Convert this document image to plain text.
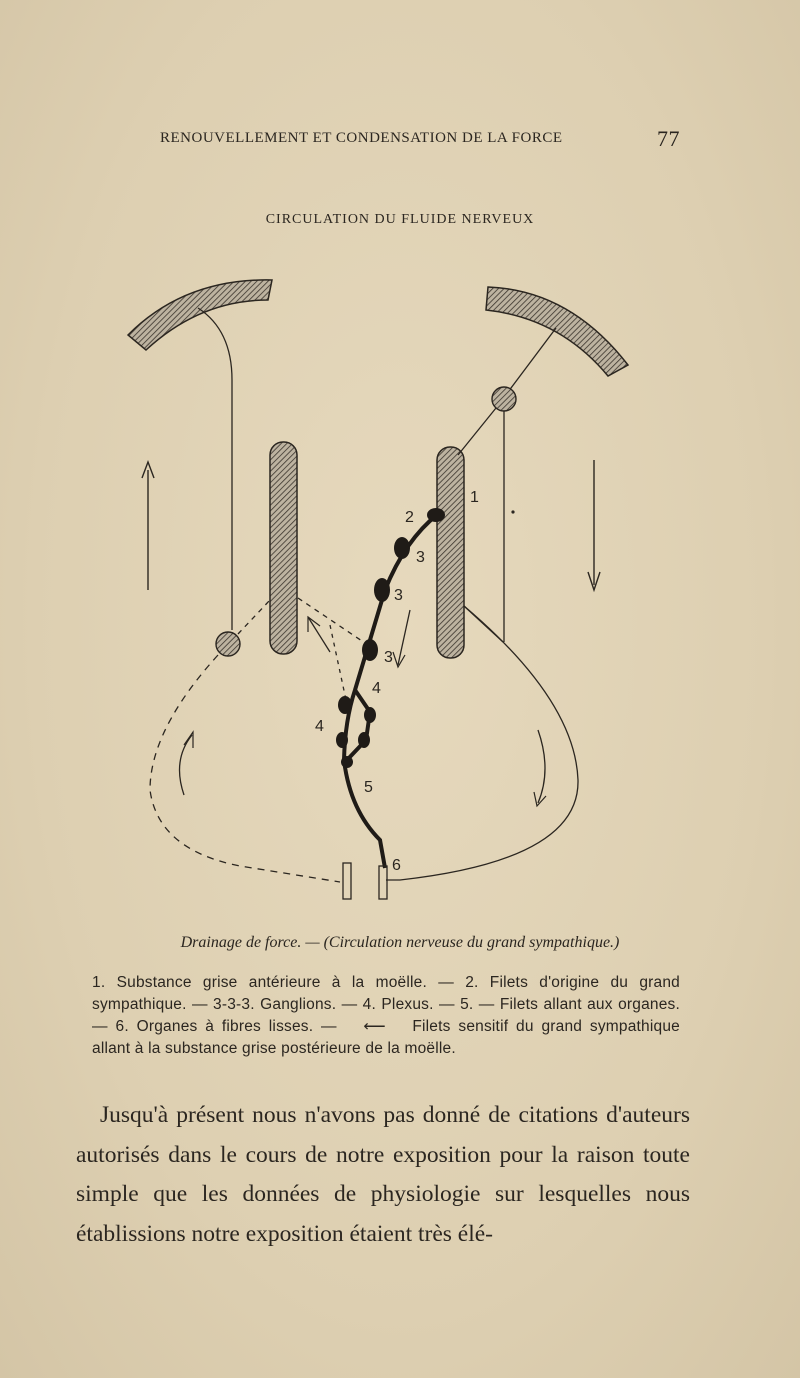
RENOUVELLEMENT ET CONDENSATION DE LA FORCE	77
CIRCULATION DU FLUIDE NERVEUX
1
2
3
3
3
4
4
5
6
Drainage de force. — (Circulation nerveuse du grand sympathique.)
1. Substance grise antérieure à la moëlle. — 2. Filets d'origine du grand sympathique. — 3-3-3. Ganglions. — 4. Plexus. — 5. — Filets allant aux organes. — 6. Organes à fibres lisses. — ⟵ Filets sensitif du grand sympathique allant à la substance grise postérieure de la moëlle.

Jusqu'à présent nous n'avons pas donné de citations d'auteurs autorisés dans le cours de notre exposition pour la raison toute simple que les données de physiologie sur lesquelles nous établissions notre exposition étaient très élé-
